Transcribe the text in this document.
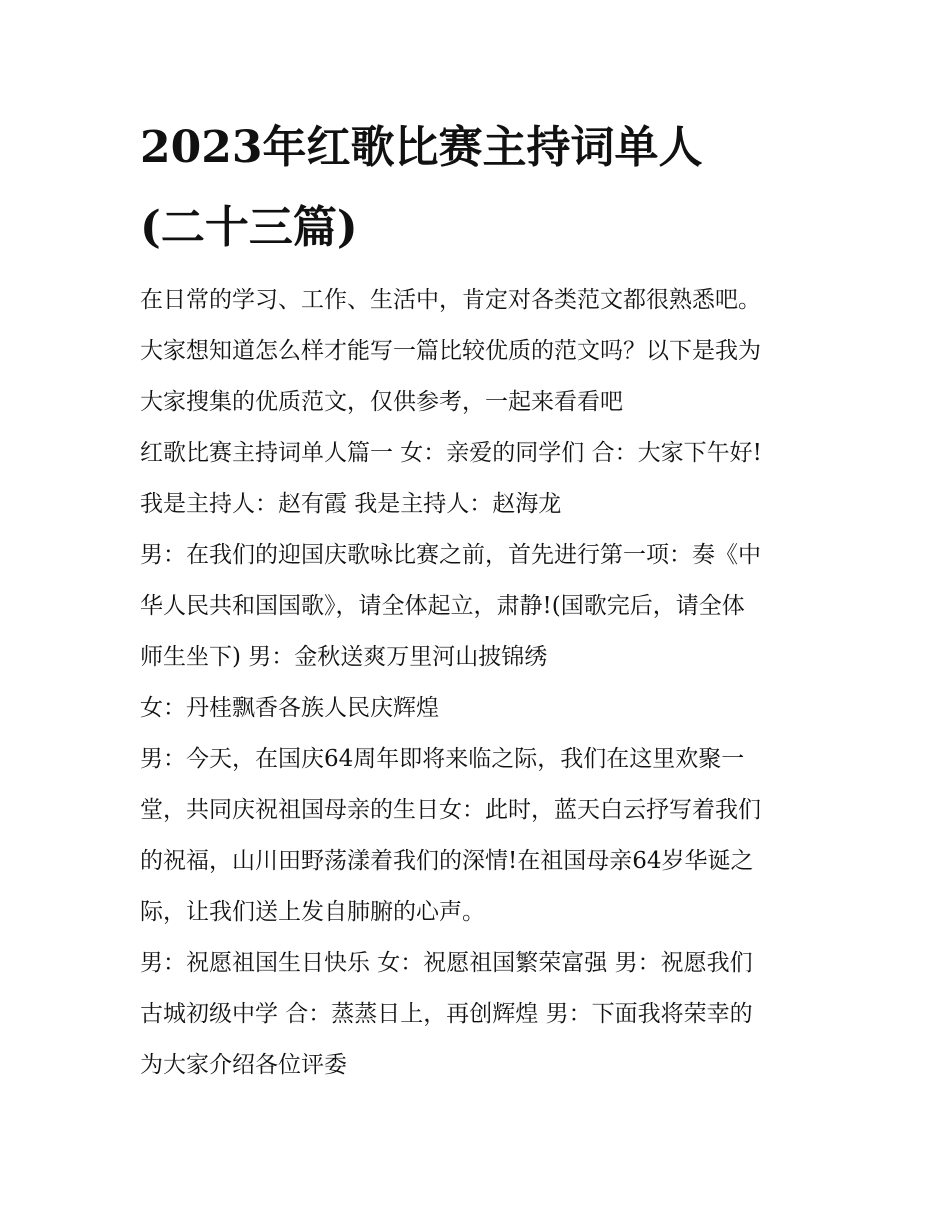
2023年红歌比赛主持词单人
(二十三篇)

在日常的学习、工作、生活中，肯定对各类范文都很熟悉吧。
大家想知道怎么样才能写一篇比较优质的范文吗？以下是我为
大家搜集的优质范文，仅供参考，一起来看看吧

红歌比赛主持词单人篇一 女：亲爱的同学们 合：大家下午好!
我是主持人：赵有霞 我是主持人：赵海龙

男：在我们的迎国庆歌咏比赛之前，首先进行第一项：奏《中
华人民共和国国歌》，请全体起立，肃静!(国歌完后，请全体
师生坐下) 男：金秋送爽万里河山披锦绣

女：丹桂飘香各族人民庆辉煌

男：今天，在国庆64周年即将来临之际，我们在这里欢聚一
堂，共同庆祝祖国母亲的生日女：此时，蓝天白云抒写着我们
的祝福，山川田野荡漾着我们的深情!在祖国母亲64岁华诞之
际，让我们送上发自肺腑的心声。

男：祝愿祖国生日快乐 女：祝愿祖国繁荣富强 男：祝愿我们
古城初级中学 合：蒸蒸日上，再创辉煌 男：下面我将荣幸的
为大家介绍各位评委
